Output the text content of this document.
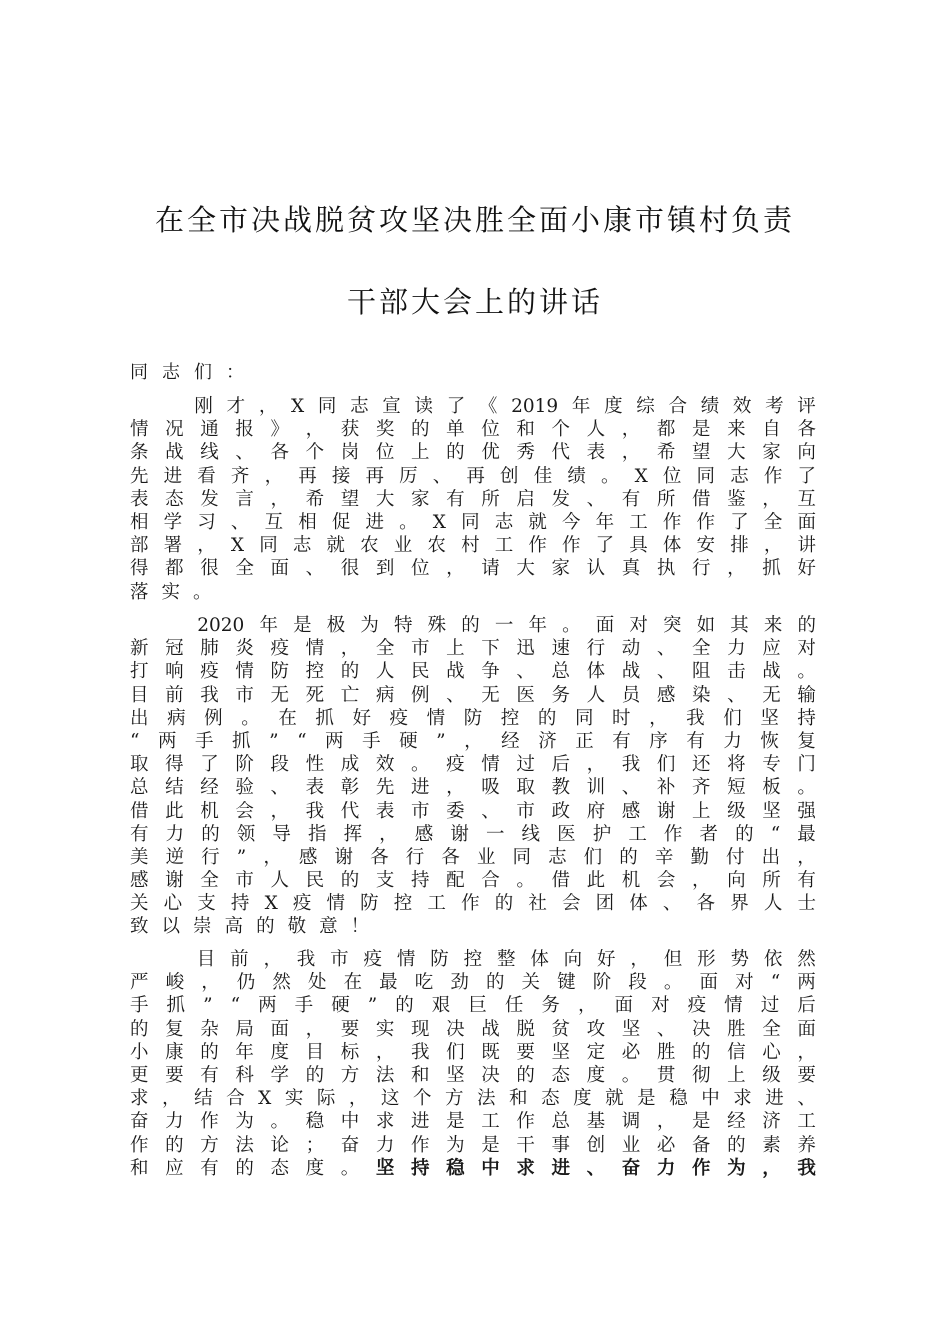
在全市决战脱贫攻坚决胜全面小康市镇村负责
干部大会上的讲话
同志们：

刚 才 ， X 同 志 宣 读 了 《 2019 年 度 综 合 绩 效 考 评
情 况 通 报 》 ， 获 奖 的 单 位 和 个 人 ， 都 是 来 自 各
条 战 线 、 各 个 岗 位 上 的 优 秀 代 表 ， 希 望 大 家 向
先 进 看 齐 ， 再 接 再 厉 、 再 创 佳 绩 。 X 位 同 志 作 了
表 态 发 言 ， 希 望 大 家 有 所 启 发 、 有 所 借 鉴 ， 互
相 学 习 、 互 相 促 进 。 X 同 志 就 今 年 工 作 作 了 全 面
部 署 ， X 同 志 就 农 业 农 村 工 作 作 了 具 体 安 排 ， 讲
得 都 很 全 面 、 很 到 位 ， 请 大 家 认 真 执 行 ， 抓 好
落 实 。

2020 年 是 极 为 特 殊 的 一 年 。 面 对 突 如 其 来 的
新 冠 肺 炎 疫 情 ， 全 市 上 下 迅 速 行 动 、 全 力 应 对
打 响 疫 情 防 控 的 人 民 战 争 、 总 体 战 、 阻 击 战 。
目 前 我 市 无 死 亡 病 例 、 无 医 务 人 员 感 染 、 无 输
出 病 例 。 在 抓 好 疫 情 防 控 的 同 时 ， 我 们 坚 持
“ 两 手 抓 ” “ 两 手 硬 ” ， 经 济 正 有 序 有 力 恢 复
取 得 了 阶 段 性 成 效 。 疫 情 过 后 ， 我 们 还 将 专 门
总 结 经 验 、 表 彰 先 进 ， 吸 取 教 训 、 补 齐 短 板 。
借 此 机 会 ， 我 代 表 市 委 、 市 政 府 感 谢 上 级 坚 强
有 力 的 领 导 指 挥 ， 感 谢 一 线 医 护 工 作 者 的 “ 最
美 逆 行 ” ， 感 谢 各 行 各 业 同 志 们 的 辛 勤 付 出 ，
感 谢 全 市 人 民 的 支 持 配 合 。 借 此 机 会 ， 向 所 有
关 心 支 持 X 疫 情 防 控 工 作 的 社 会 团 体 、 各 界 人 士
致 以 崇 高 的 敬 意 ！

目 前 ， 我 市 疫 情 防 控 整 体 向 好 ， 但 形 势 依 然
严 峻 ， 仍 然 处 在 最 吃 劲 的 关 键 阶 段 。 面 对 “ 两
手 抓 ” “ 两 手 硬 ” 的 艰 巨 任 务 ， 面 对 疫 情 过 后
的 复 杂 局 面 ， 要 实 现 决 战 脱 贫 攻 坚 、 决 胜 全 面
小 康 的 年 度 目 标 ， 我 们 既 要 坚 定 必 胜 的 信 心 ，
更 要 有 科 学 的 方 法 和 坚 决 的 态 度 。 贯 彻 上 级 要
求 ， 结 合 X 实 际 ， 这 个 方 法 和 态 度 就 是 稳 中 求 进 、
奋 力 作 为 。 稳 中 求 进 是 工 作 总 基 调 ， 是 经 济 工
作 的 方 法 论 ； 奋 力 作 为 是 干 事 创 业 必 备 的 素 养
和 应 有 的 态 度 。 坚 持 稳 中 求 进 、 奋 力 作 为 ， 我
